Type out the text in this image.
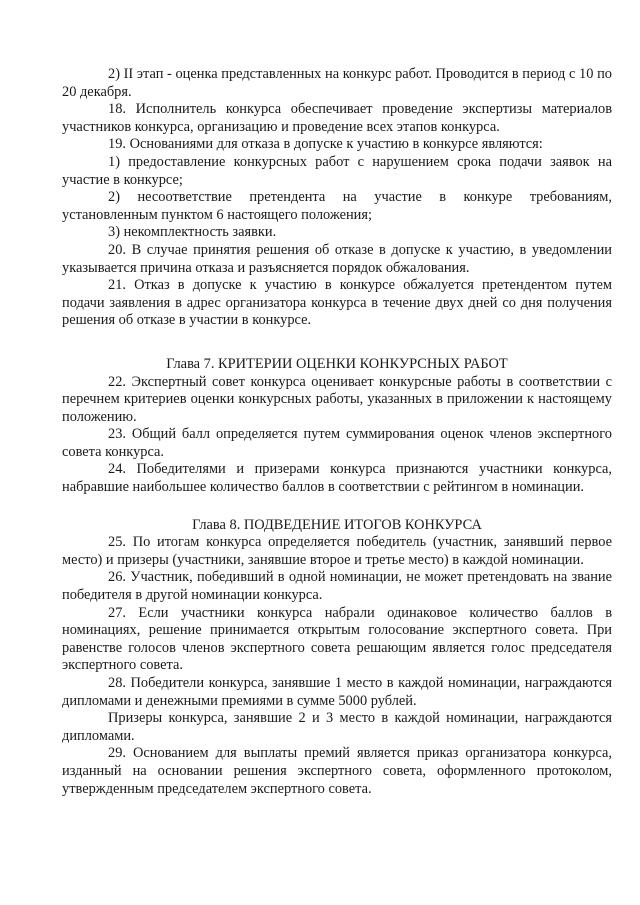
2) II этап - оценка представленных на конкурс работ. Проводится в период с 10 по 20 декабря.

18. Исполнитель конкурса обеспечивает проведение экспертизы материалов участников конкурса, организацию и проведение всех этапов конкурса.

19. Основаниями для отказа в допуске к участию в конкурсе являются:

1) предоставление конкурсных работ с нарушением срока подачи заявок на участие в конкурсе;

2) несоответствие претендента на участие в конкуре требованиям, установленным пунктом 6 настоящего положения;

3) некомплектность заявки.

20. В случае принятия решения об отказе в допуске к участию, в уведомлении указывается причина отказа и разъясняется порядок обжалования.

21. Отказ в допуске к участию в конкурсе обжалуется претендентом путем подачи заявления в адрес организатора конкурса в течение двух дней со дня получения решения об отказе в участии в конкурсе.

Глава 7. КРИТЕРИИ ОЦЕНКИ КОНКУРСНЫХ РАБОТ

22. Экспертный совет конкурса оценивает конкурсные работы в соответствии с перечнем критериев оценки конкурсных работы, указанных в приложении к настоящему положению.

23. Общий балл определяется путем суммирования оценок членов экспертного совета конкурса.

24. Победителями и призерами конкурса признаются участники конкурса, набравшие наибольшее количество баллов в соответствии с рейтингом в номинации.

Глава 8. ПОДВЕДЕНИЕ ИТОГОВ КОНКУРСА

25. По итогам конкурса определяется победитель (участник, занявший первое место) и призеры (участники, занявшие второе и третье место) в каждой номинации.

26. Участник, победивший в одной номинации, не может претендовать на звание победителя в другой номинации конкурса.

27. Если участники конкурса набрали одинаковое количество баллов в номинациях, решение принимается открытым голосование экспертного совета. При равенстве голосов членов экспертного совета решающим является голос председателя экспертного совета.

28. Победители конкурса, занявшие 1 место в каждой номинации, награждаются дипломами и денежными премиями в сумме 5000 рублей.

Призеры конкурса, занявшие 2 и 3 место в каждой номинации, награждаются дипломами.

29. Основанием для выплаты премий является приказ организатора конкурса, изданный на основании решения экспертного совета, оформленного протоколом, утвержденным председателем экспертного совета.
